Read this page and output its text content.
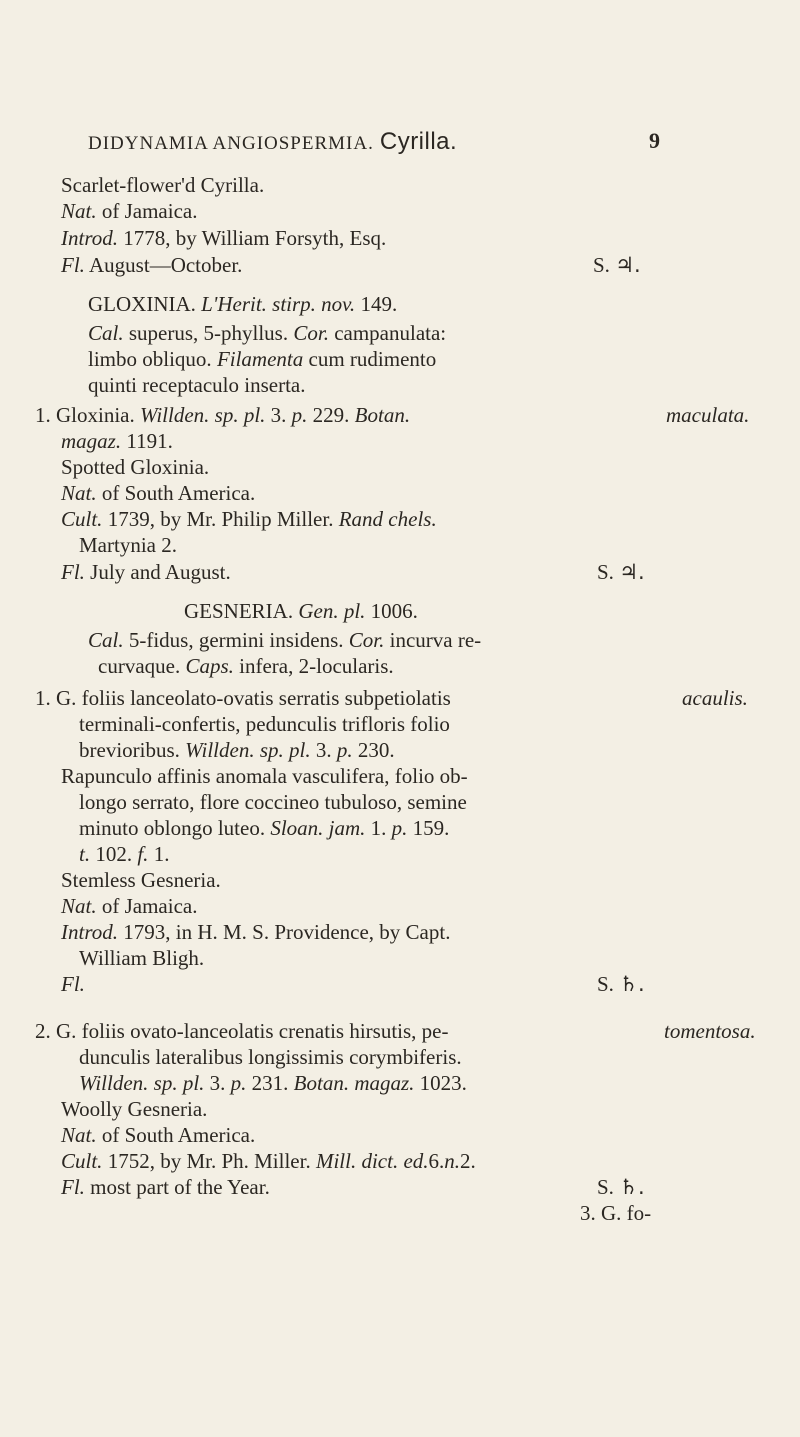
DIDYNAMIA ANGIOSPERMIA. Cyrilla.	9
Scarlet-flower'd Cyrilla.
Nat. of Jamaica.
Introd. 1778, by William Forsyth, Esq.
Fl. August—October.	S. ♃.
GLOXINIA. L'Herit. stirp. nov. 149.
Cal. superus, 5-phyllus. Cor. campanulata:
limbo obliquo. Filamenta cum rudimento
quinti receptaculo inserta.
1. Gloxinia. Willden. sp. pl. 3. p. 229. Botan.	maculata.
magaz. 1191.
Spotted Gloxinia.
Nat. of South America.
Cult. 1739, by Mr. Philip Miller. Rand chels.
Martynia 2.
Fl. July and August.	S. ♃.
GESNERIA. Gen. pl. 1006.
Cal. 5-fidus, germini insidens. Cor. incurva re-
curvaque. Caps. infera, 2-locularis.
1. G. foliis lanceolato-ovatis serratis subpetiolatis	acaulis.
terminali-confertis, pedunculis trifloris folio
brevioribus. Willden. sp. pl. 3. p. 230.
Rapunculo affinis anomala vasculifera, folio ob-
longo serrato, flore coccineo tubuloso, semine
minuto oblongo luteo. Sloan. jam. 1. p. 159.
t. 102. f. 1.
Stemless Gesneria.
Nat. of Jamaica.
Introd. 1793, in H. M. S. Providence, by Capt.
William Bligh.
Fl.	S. ♄.
2. G. foliis ovato-lanceolatis crenatis hirsutis, pe-	tomentosa.
dunculis lateralibus longissimis corymbiferis.
Willden. sp. pl. 3. p. 231. Botan. magaz. 1023.
Woolly Gesneria.
Nat. of South America.
Cult. 1752, by Mr. Ph. Miller. Mill. dict. ed.6.n.2.
Fl. most part of the Year.	S. ♄.
3. G. fo-
